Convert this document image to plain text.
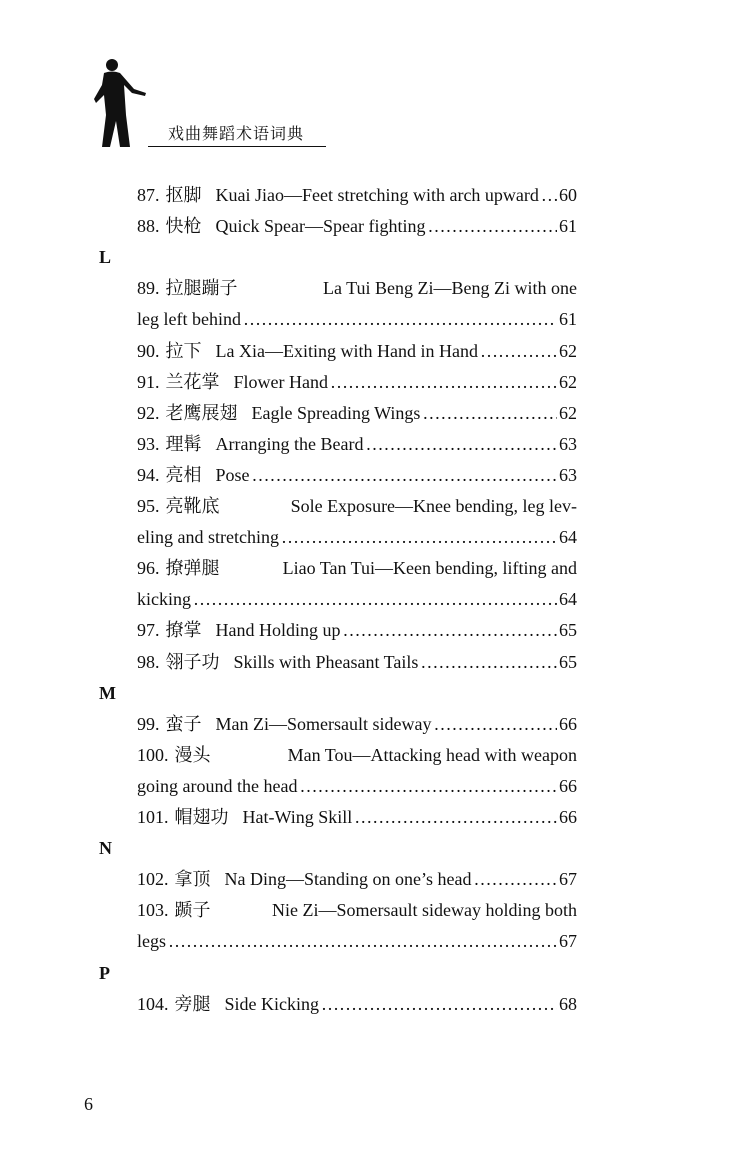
戏曲舞蹈术语词典
87. 抠脚 Kuai Jiao—Feet stretching with arch upward ……………………………………………………………………………………………………………………………… 60
88. 快枪 Quick Spear—Spear fighting ………………………………………………………………………………………………………………………………	61
L
89. 拉腿蹦子	La Tui Beng Zi—Beng Zi with one
leg left behind ………………………………………………………………………………………………………………………………	61
90. 拉下 La Xia—Exiting with Hand in Hand ………………………………………………………………………………………………………………………………	62
91. 兰花掌 Flower Hand ………………………………………………………………………………………………………………………………	62
92. 老鹰展翅 Eagle Spreading Wings ………………………………………………………………………………………………………………………………	62
93. 理髯 Arranging the Beard ………………………………………………………………………………………………………………………………	63
94. 亮相 Pose ………………………………………………………………………………………………………………………………	63
95. 亮靴底	Sole Exposure—Knee bending, leg lev-
eling and stretching ………………………………………………………………………………………………………………………………	64
96. 撩弹腿	Liao Tan Tui—Keen bending, lifting and
kicking ………………………………………………………………………………………………………………………………	64
97. 撩掌 Hand Holding up ………………………………………………………………………………………………………………………………	65
98. 翎子功 Skills with Pheasant Tails ………………………………………………………………………………………………………………………………	65
M
99. 蛮子 Man Zi—Somersault sideway ………………………………………………………………………………………………………………………………	66
100. 漫头	Man Tou—Attacking head with weapon
going around the head ………………………………………………………………………………………………………………………………	66
101. 帽翅功 Hat-Wing Skill ………………………………………………………………………………………………………………………………	66
N
102. 拿顶 Na Ding—Standing on one’s head ………………………………………………………………………………………………………………………………	67
103. 踬子	Nie Zi—Somersault sideway holding both
legs ………………………………………………………………………………………………………………………………	67
P
104. 旁腿 Side Kicking ………………………………………………………………………………………………………………………………	68
6
